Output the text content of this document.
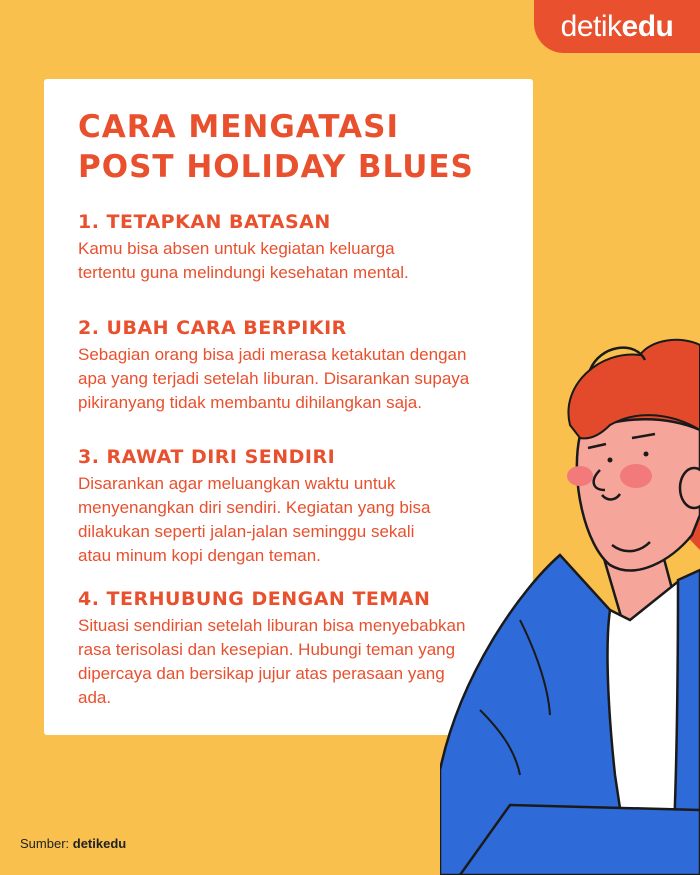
detik edu
CARA MENGATASI
POST HOLIDAY BLUES
1. TETAPKAN BATASAN

Kamu bisa absen untuk kegiatan keluarga
tertentu guna melindungi kesehatan mental.

2. UBAH CARA BERPIKIR

Sebagian orang bisa jadi merasa ketakutan dengan
apa yang terjadi setelah liburan. Disarankan supaya
pikiranyang tidak membantu dihilangkan saja.

3. RAWAT DIRI SENDIRI

Disarankan agar meluangkan waktu untuk
menyenangkan diri sendiri. Kegiatan yang bisa
dilakukan seperti jalan-jalan seminggu sekali
atau minum kopi dengan teman.

4. TERHUBUNG DENGAN TEMAN

Situasi sendirian setelah liburan bisa menyebabkan
rasa terisolasi dan kesepian. Hubungi teman yang
dipercaya dan bersikap jujur atas perasaan yang
ada.

Sumber: detikedu
